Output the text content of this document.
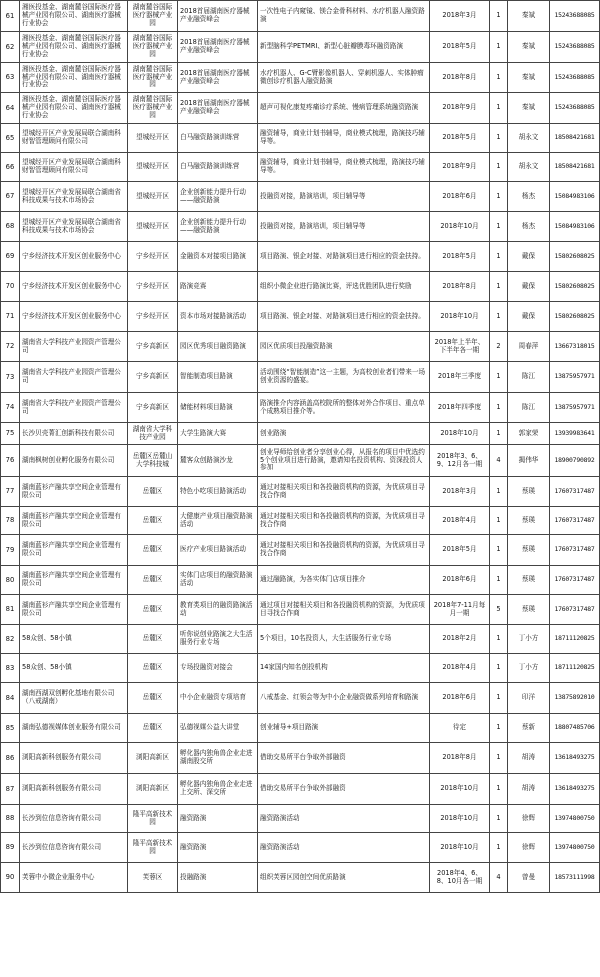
61	湘医投基金、湖南麓谷国际医疗器械产业园有限公司、湖南医疗器械行业协会	湖南麓谷国际医疗器械产业园	2018首届湖南医疗器械产业融资峰会	一次性电子内窥镜、镁合金骨科材料、水疗机器人融资路演	2018年3月	1	秦斌	15243688085
62	湘医投基金、湖南麓谷国际医疗器械产业园有限公司、湖南医疗器械行业协会	湖南麓谷国际医疗器械产业园	2018首届湖南医疗器械产业融资峰会	新型脑科学PETMRI、新型心脏瓣膜毒环融资路演	2018年5月	1	秦斌	15243688085
63	湘医投基金、湖南麓谷国际医疗器械产业园有限公司、湖南医疗器械行业协会	湖南麓谷国际医疗器械产业园	2018首届湖南医疗器械产业融资峰会	水疗机器人、G-C臂影像机器人、穿刺机器人、实体肿瘤微创诊疗机器人融资路演	2018年8月	1	秦斌	15243688085
64	湘医投基金、湖南麓谷国际医疗器械产业园有限公司、湖南医疗器械行业协会	湖南麓谷国际医疗器械产业园	2018首届湖南医疗器械产业融资峰会	超声可视化康复疼痛诊疗系统、慢病管理系统融资路演	2018年9月	1	秦斌	15243688085
65	望城经开区产业发展局联合湖南科财智管理顾问有限公司	望城经开区	白马融资路演训练营	融资辅导，商业计划书辅导，商业模式梳理，路演技巧辅导等。	2018年5月	1	胡永文	18508421681
66	望城经开区产业发展局联合湖南科财智管理顾问有限公司	望城经开区	白马融资路演训练营	融资辅导，商业计划书辅导，商业模式梳理，路演技巧辅导等。	2018年9月	1	胡永文	18508421681
67	望城经开区产业发展局联合湖南省科技成果与技术市场协会	望城经开区	企业创新能力提升行动——融资路演	投融资对接，路演培训，项目辅导等	2018年6月	1	杨杰	15084983106
68	望城经开区产业发展局联合湖南省科技成果与技术市场协会	望城经开区	企业创新能力提升行动——融资路演	投融资对接，路演培训，项目辅导等	2018年10月	1	杨杰	15084983106
69	宁乡经济技术开发区创业服务中心	宁乡经开区	金融资本对接项目路演	项目路演、银企对接、对路演项目进行相应的资金扶持。	2018年5月	1	戴保	15802608025
70	宁乡经济技术开发区创业服务中心	宁乡经开区	路演竞赛	组织小微企业进行路演比赛，评选优胜团队进行奖励	2018年8月	1	戴保	15802608025
71	宁乡经济技术开发区创业服务中心	宁乡经开区	资本市场对接路演活动	项目路演、银企对接、对路演项目进行相应的资金扶持。	2018年10月	1	戴保	15802608025
72	湖南省大学科技产业园资产管理公司	宁乡高新区	园区优秀项目融资路演	园区优质项目投融资路演	2018年上半年、下半年各一期	2	周春萍	13667318015
73	湖南省大学科技产业园资产管理公司	宁乡高新区	智能制造项目路演	活动围绕“智能制造”这一主题，为高校创业者们带来一场创业资源的盛宴。	2018年三季度	1	陈江	13875957971
74	湖南省大学科技产业园资产管理公司	宁乡高新区	储能材料项目路演	路演推介内容涵盖高校院所的整体对外合作项目、重点单个成熟项目推介等。	2018年四季度	1	陈江	13875957971
75	长沙贝壳菁汇创新科技有限公司	湖南省大学科技产业园	大学生路演大赛	创业路演	2018年10月	1	郭家荣	13939983641
76	湖南枫树创业孵化服务有限公司	岳麓区岳麓山大学科技城	麓客众创路演沙龙	创业导师给创业者分享创业心得，从报名的项目中优选约5个创业项目进行路演，邀请知名投资机构、资深投资人参加	2018年3、6、9、12月各一期	4	揭伟华	18900790892
77	湖南蓝衫产融共享空间企业管理有限公司	岳麓区	特色小吃项目路演活动	通过对接相关项目和各投融资机构的资源，为优质项目寻找合作商	2018年3月	1	蔡瑛	17607317487
78	湖南蓝衫产融共享空间企业管理有限公司	岳麓区	大健康产业项目融资路演活动	通过对接相关项目和各投融资机构的资源，为优质项目寻找合作商	2018年4月	1	蔡瑛	17607317487
79	湖南蓝衫产融共享空间企业管理有限公司	岳麓区	医疗产业项目路演活动	通过对接相关项目和各投融资机构的资源，为优质项目寻找合作商	2018年5月	1	蔡瑛	17607317487
80	湖南蓝衫产融共享空间企业管理有限公司	岳麓区	实体门店项目的融资路演活动	通过融路演，为各实体门店项目推介	2018年6月	1	蔡瑛	17607317487
81	湖南蓝衫产融共享空间企业管理有限公司	岳麓区	教育类项目的融资路演活动	通过项目对接相关项目和各投融资机构的资源，为优质项目寻找合作商	2018年7-11月每月一期	5	蔡瑛	17607317487
82	58众创、58小镇	岳麓区	听你说创业路演之大生活服务行业专场	5个项目，10名投资人，大生活服务行业专场	2018年2月	1	丁小方	18711120825
83	58众创、58小镇	岳麓区	专场投融资对接会	14家国内知名创投机构	2018年4月	1	丁小方	18711120825
84	湖南西湖双创孵化基地有限公司（八戒湖南）	岳麓区	中小企业融资专项培育	八戒基金、红领会等为中小企业融资做系列培育和路演	2018年6月	1	印洋	13875892010
85	湖南弘德视媒体创业服务有限公司	岳麓区	弘德视媒公益大讲堂	创业辅导+项目路演	待定	1	蔡新	18807485706
86	浏阳高新科创服务有限公司	浏阳高新区	孵化器内独角兽企业走进湖南股交所	借助交易所平台争取外部融资	2018年8月	1	胡涛	13618493275
87	浏阳高新科创服务有限公司	浏阳高新区	孵化器内独角兽企业走进上交所、深交所	借助交易所平台争取外部融资	2018年10月	1	胡涛	13618493275
88	长沙到位信息咨询有限公司	隆平高新技术园	融资路演	融资路演活动	2018年10月	1	徐辉	13974800750
89	长沙到位信息咨询有限公司	隆平高新技术园	融资路演	融资路演活动	2018年10月	1	徐辉	13974800750
90	芙蓉中小微企业服务中心	芙蓉区	投融路演	组织芙蓉区园创空间优质路演	2018年4、6、8、10月各一期	4	曾曼	18573111998
